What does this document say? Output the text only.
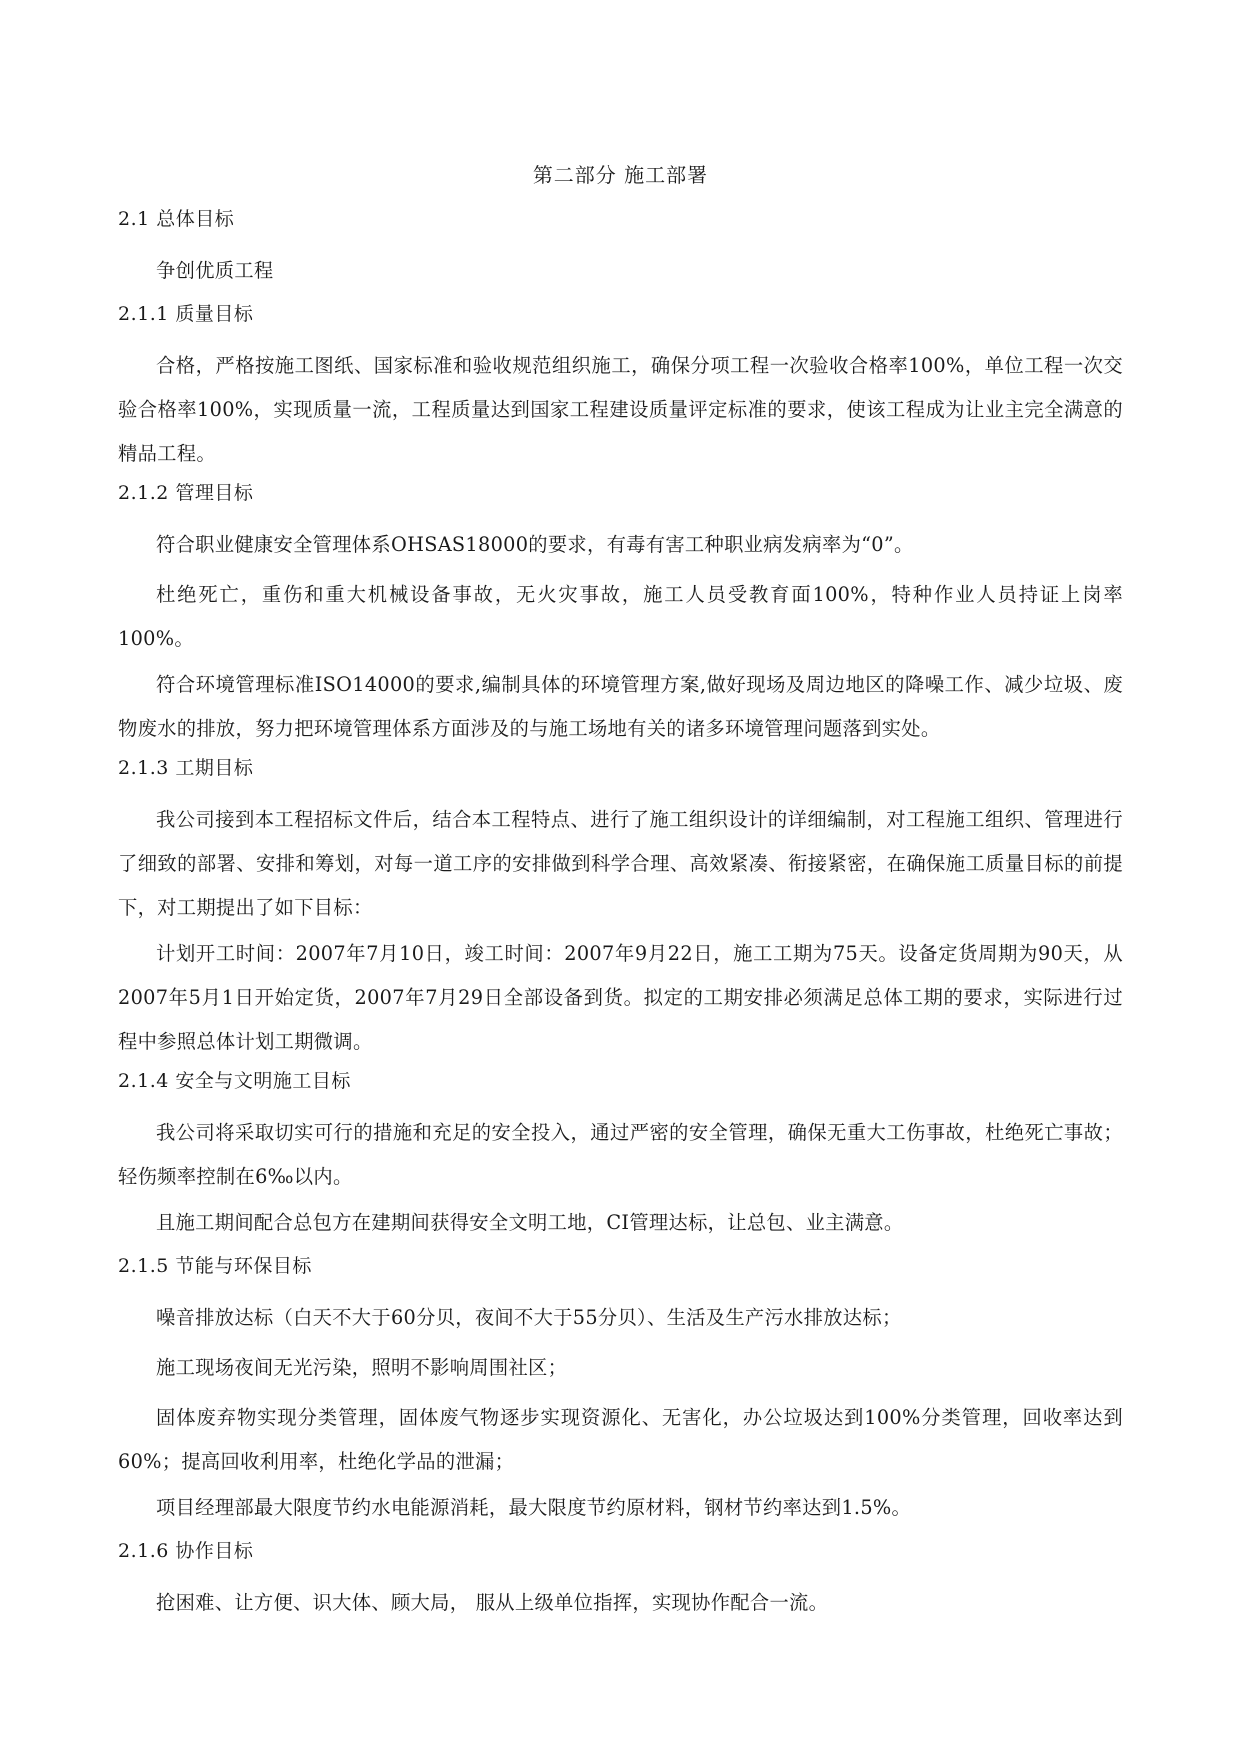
第二部分 施工部署
2.1 总体目标
争创优质工程
2.1.1 质量目标
合格，严格按施工图纸、国家标准和验收规范组织施工，确保分项工程一次验收合格率100%，单位工程一次交验合格率100%，实现质量一流，工程质量达到国家工程建设质量评定标准的要求，使该工程成为让业主完全满意的精品工程。
2.1.2 管理目标
符合职业健康安全管理体系OHSAS18000的要求，有毒有害工种职业病发病率为“0”。
杜绝死亡，重伤和重大机械设备事故，无火灾事故，施工人员受教育面100%，特种作业人员持证上岗率100%。
符合环境管理标准ISO14000的要求,编制具体的环境管理方案,做好现场及周边地区的降噪工作、减少垃圾、废物废水的排放，努力把环境管理体系方面涉及的与施工场地有关的诸多环境管理问题落到实处。
2.1.3 工期目标
我公司接到本工程招标文件后，结合本工程特点、进行了施工组织设计的详细编制，对工程施工组织、管理进行了细致的部署、安排和筹划，对每一道工序的安排做到科学合理、高效紧凑、衔接紧密，在确保施工质量目标的前提下，对工期提出了如下目标：
计划开工时间：2007年7月10日，竣工时间：2007年9月22日，施工工期为75天。设备定货周期为90天，从2007年5月1日开始定货，2007年7月29日全部设备到货。拟定的工期安排必须满足总体工期的要求，实际进行过程中参照总体计划工期微调。
2.1.4 安全与文明施工目标
我公司将采取切实可行的措施和充足的安全投入，通过严密的安全管理，确保无重大工伤事故，杜绝死亡事故；轻伤频率控制在6‰以内。
且施工期间配合总包方在建期间获得安全文明工地，CI管理达标，让总包、业主满意。
2.1.5 节能与环保目标
噪音排放达标（白天不大于60分贝，夜间不大于55分贝）、生活及生产污水排放达标；
施工现场夜间无光污染，照明不影响周围社区；
固体废弃物实现分类管理，固体废气物逐步实现资源化、无害化，办公垃圾达到100%分类管理，回收率达到60%；提高回收利用率，杜绝化学品的泄漏；
项目经理部最大限度节约水电能源消耗，最大限度节约原材料，钢材节约率达到1.5%。
2.1.6 协作目标
抢困难、让方便、识大体、顾大局， 服从上级单位指挥，实现协作配合一流。
